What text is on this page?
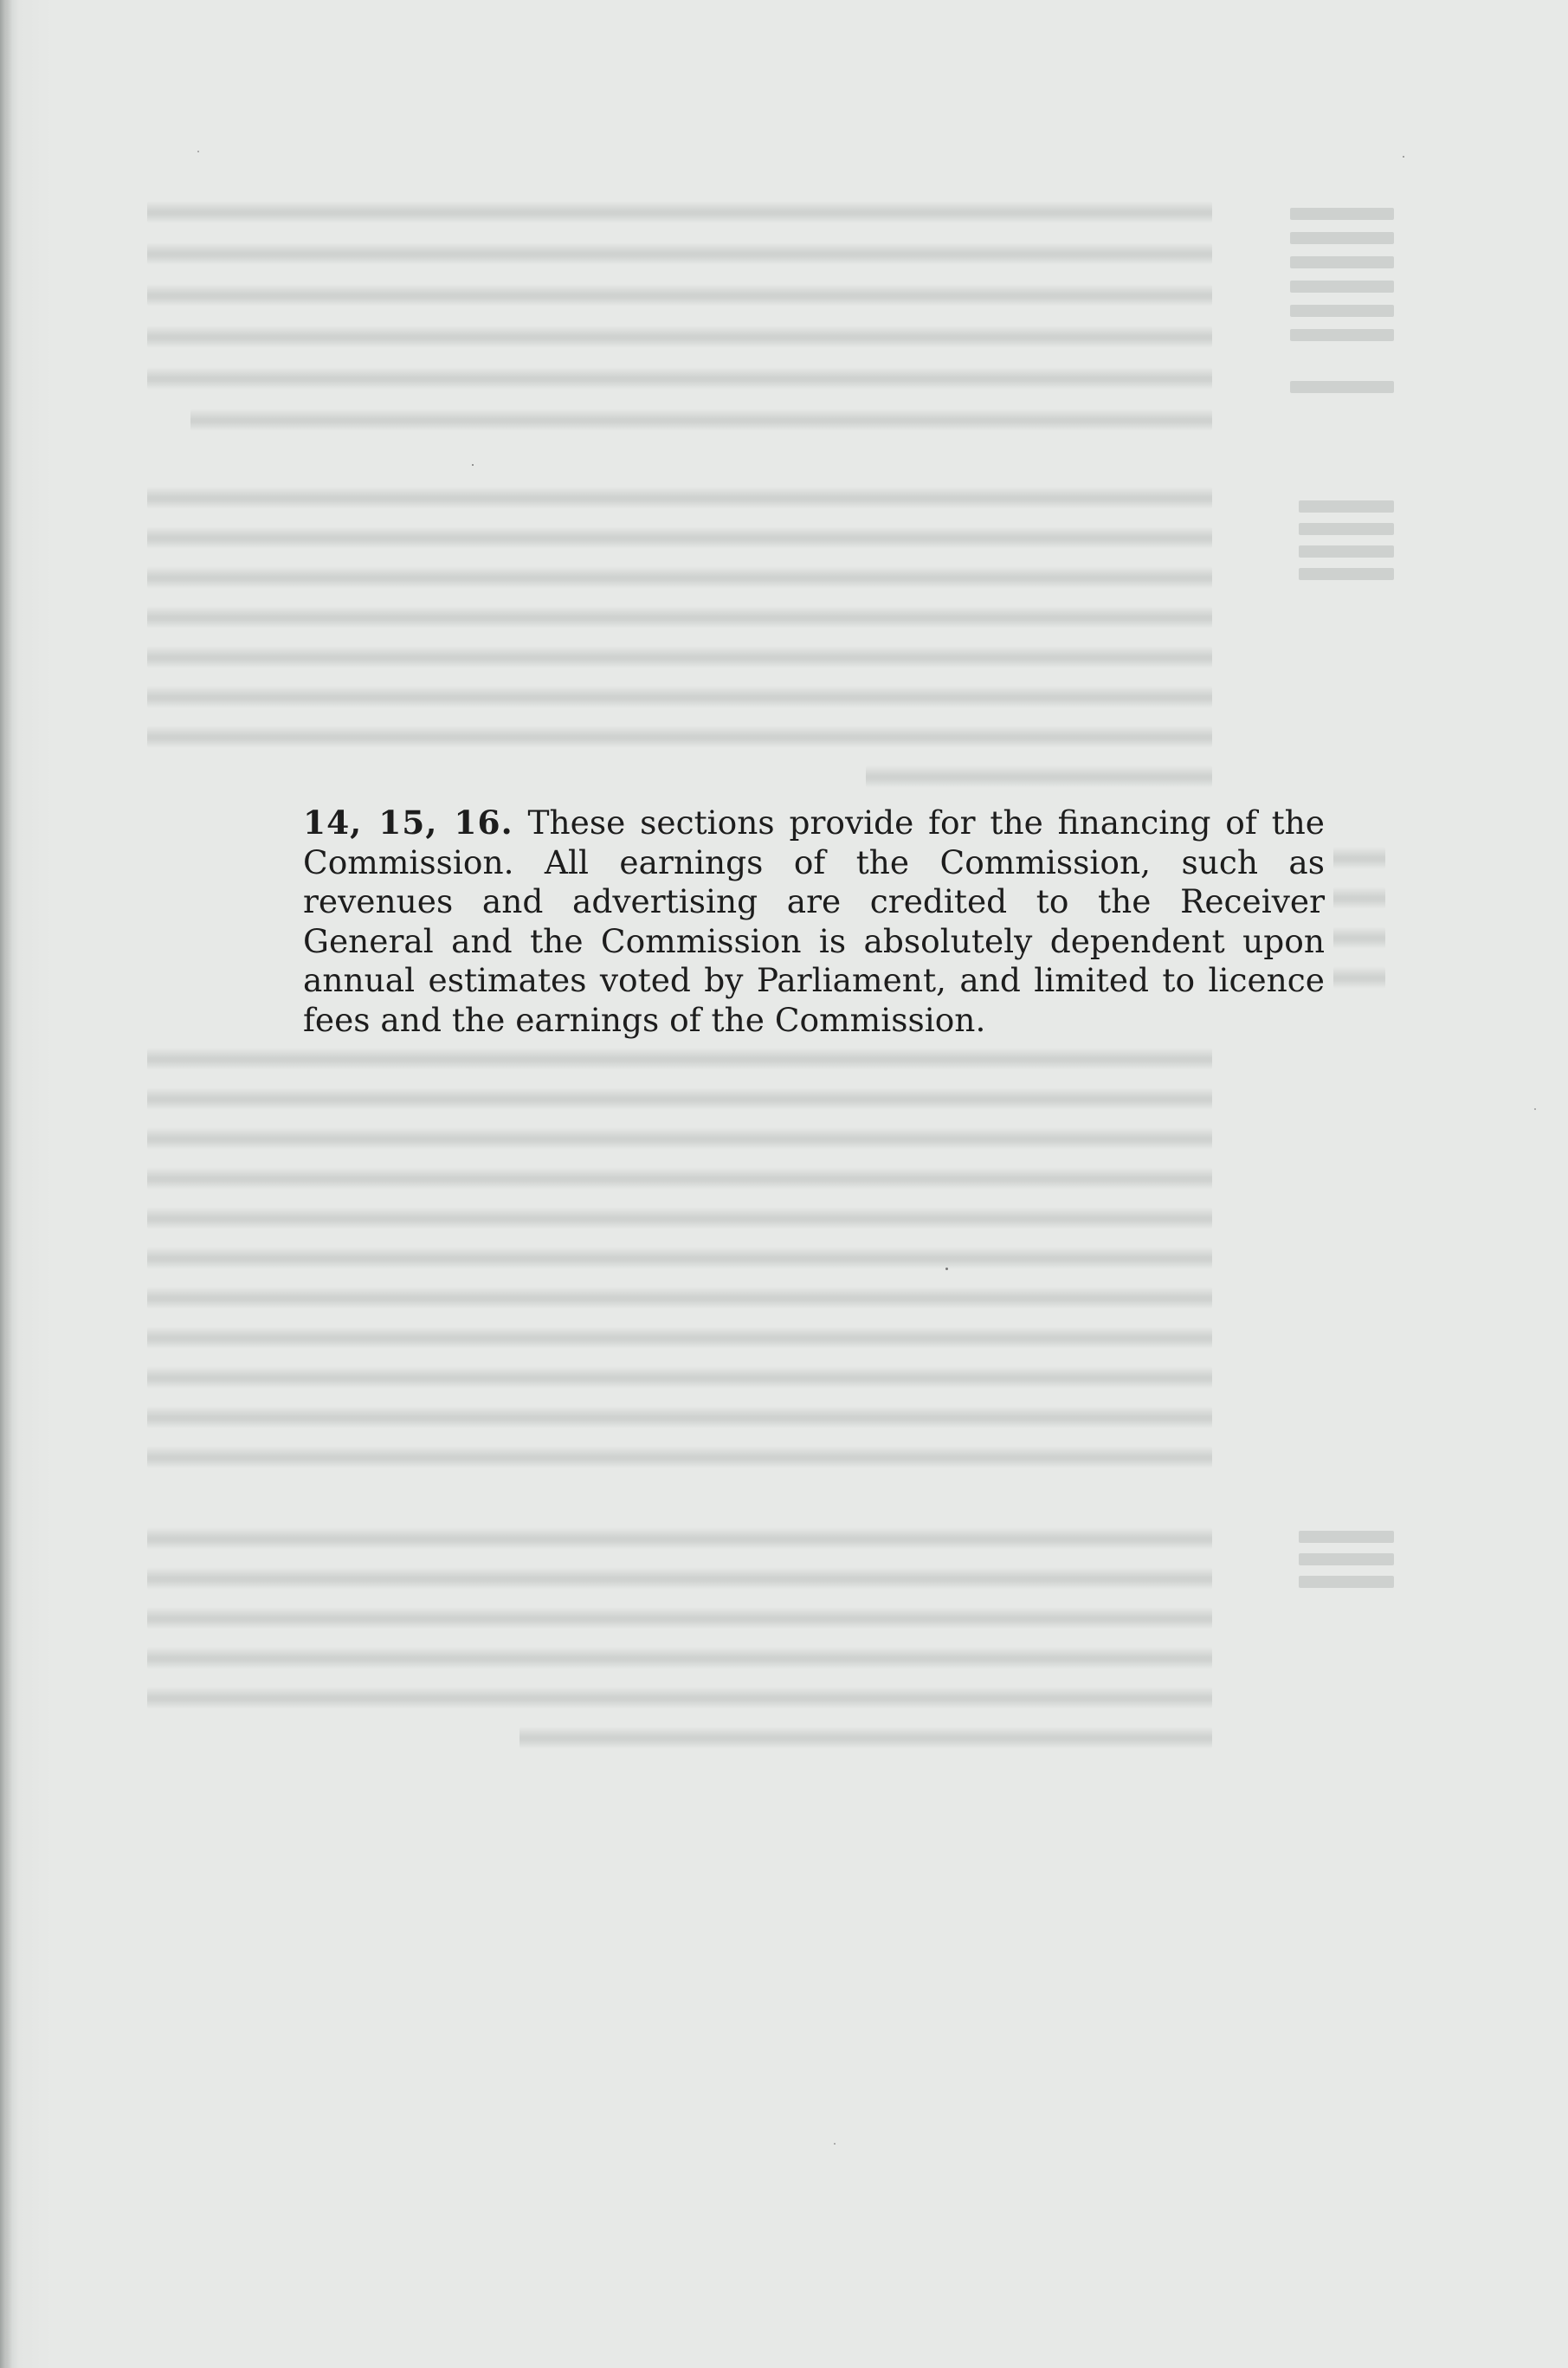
14, 15, 16. These sections provide for the financing of the Commission. All earnings of the Commission, such as revenues and advertising are credited to the Receiver General and the Commission is absolutely dependent upon annual estimates voted by Parliament, and limited to licence fees and the earnings of the Commission.
